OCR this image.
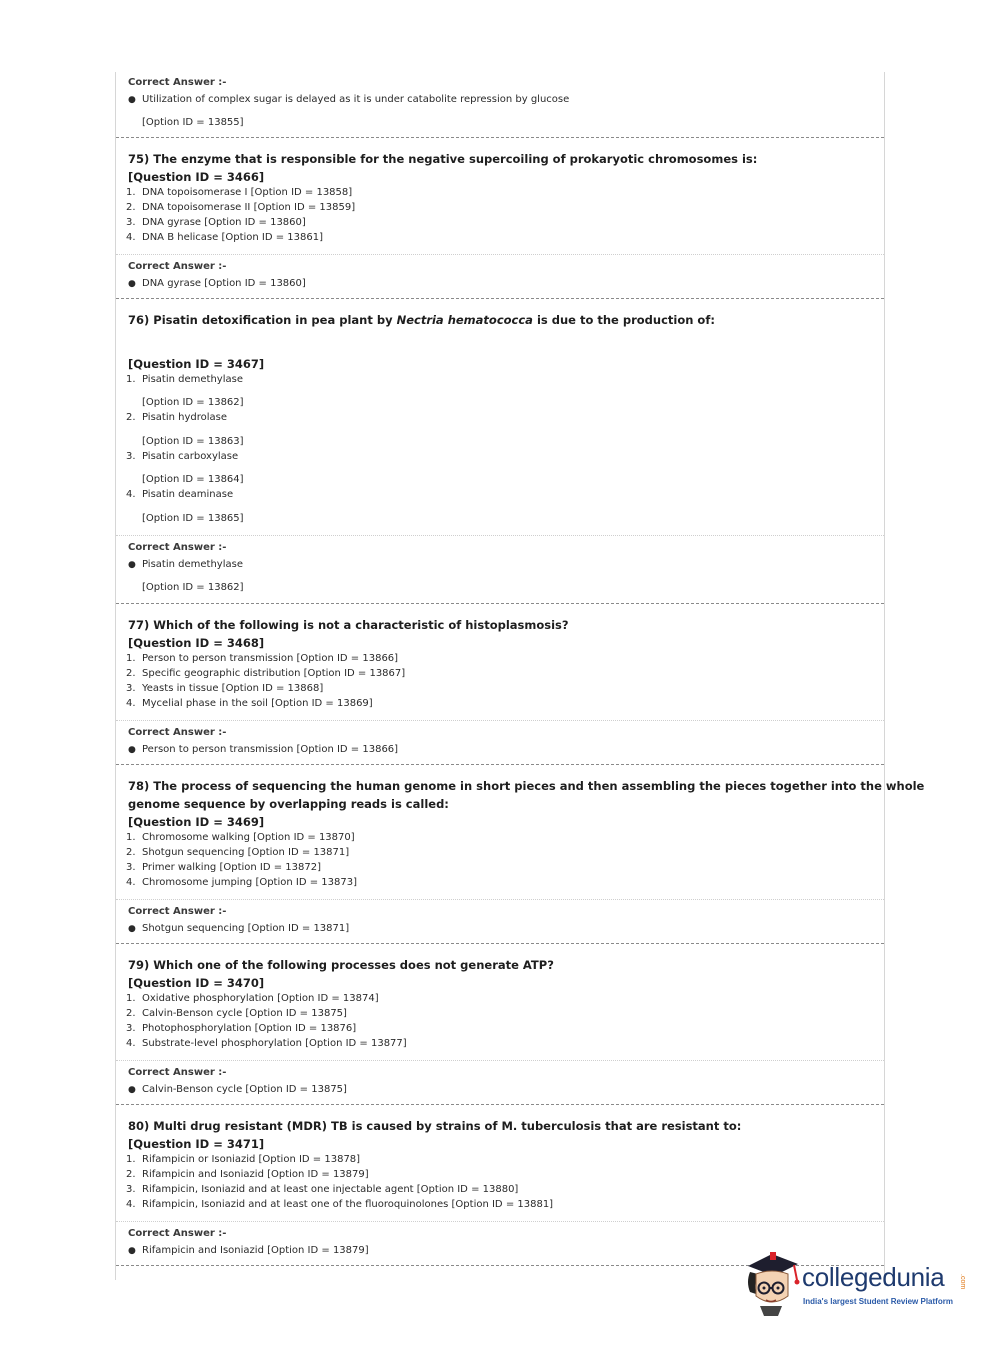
Correct Answer :-
● Utilization of complex sugar is delayed as it is under catabolite repression by glucose
[Option ID = 13855]
75) The enzyme that is responsible for the negative supercoiling of prokaryotic chromosomes is:
[Question ID = 3466]
1. DNA topoisomerase I [Option ID = 13858]
2. DNA topoisomerase II [Option ID = 13859]
3. DNA gyrase [Option ID = 13860]
4. DNA B helicase [Option ID = 13861]
Correct Answer :-
● DNA gyrase [Option ID = 13860]
76) Pisatin detoxification in pea plant by Nectria hematococca is due to the production of:
[Question ID = 3467]
1. Pisatin demethylase
[Option ID = 13862]
2. Pisatin hydrolase
[Option ID = 13863]
3. Pisatin carboxylase
[Option ID = 13864]
4. Pisatin deaminase
[Option ID = 13865]
Correct Answer :-
● Pisatin demethylase
[Option ID = 13862]
77) Which of the following is not a characteristic of histoplasmosis?
[Question ID = 3468]
1. Person to person transmission [Option ID = 13866]
2. Specific geographic distribution [Option ID = 13867]
3. Yeasts in tissue [Option ID = 13868]
4. Mycelial phase in the soil [Option ID = 13869]
Correct Answer :-
● Person to person transmission [Option ID = 13866]
78) The process of sequencing the human genome in short pieces and then assembling the pieces together into the whole
genome sequence by overlapping reads is called:
[Question ID = 3469]
1. Chromosome walking [Option ID = 13870]
2. Shotgun sequencing [Option ID = 13871]
3. Primer walking [Option ID = 13872]
4. Chromosome jumping [Option ID = 13873]
Correct Answer :-
● Shotgun sequencing [Option ID = 13871]
79) Which one of the following processes does not generate ATP?
[Question ID = 3470]
1. Oxidative phosphorylation [Option ID = 13874]
2. Calvin-Benson cycle [Option ID = 13875]
3. Photophosphorylation [Option ID = 13876]
4. Substrate-level phosphorylation [Option ID = 13877]
Correct Answer :-
● Calvin-Benson cycle [Option ID = 13875]
80) Multi drug resistant (MDR) TB is caused by strains of M. tuberculosis that are resistant to:
[Question ID = 3471]
1. Rifampicin or Isoniazid [Option ID = 13878]
2. Rifampicin and Isoniazid [Option ID = 13879]
3. Rifampicin, Isoniazid and at least one injectable agent [Option ID = 13880]
4. Rifampicin, Isoniazid and at least one of the fluoroquinolones [Option ID = 13881]
Correct Answer :-
● Rifampicin and Isoniazid [Option ID = 13879]
collegedunia .com
India's largest Student Review Platform
